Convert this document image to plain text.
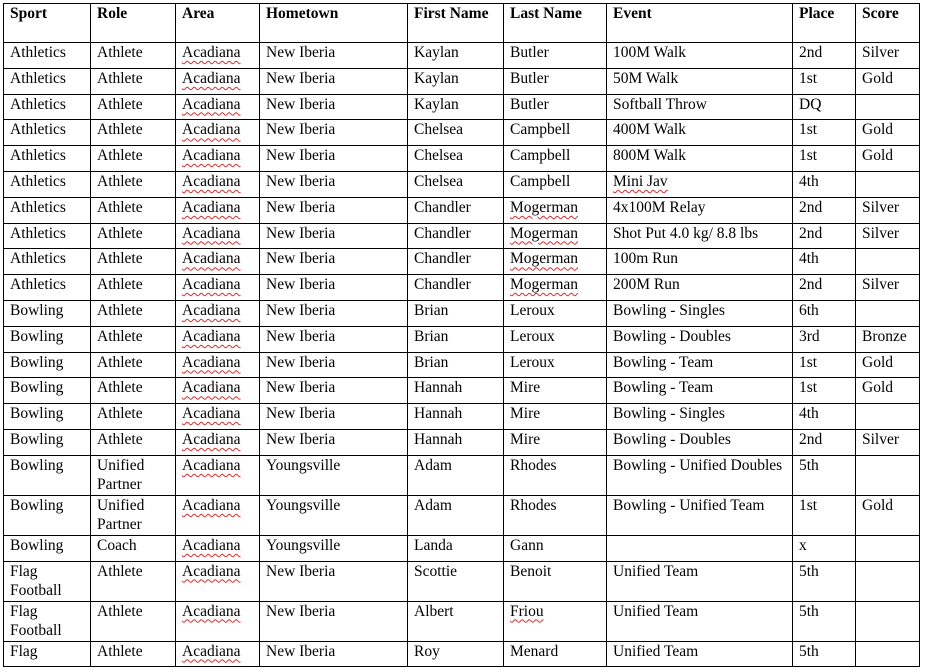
Sport	Role	Area	Hometown	First Name	Last Name	Event	Place	Score
Athletics	Athlete	Acadiana	New Iberia	Kaylan	Butler	100M Walk	2nd	Silver
Athletics	Athlete	Acadiana	New Iberia	Kaylan	Butler	50M Walk	1st	Gold
Athletics	Athlete	Acadiana	New Iberia	Kaylan	Butler	Softball Throw	DQ	
Athletics	Athlete	Acadiana	New Iberia	Chelsea	Campbell	400M Walk	1st	Gold
Athletics	Athlete	Acadiana	New Iberia	Chelsea	Campbell	800M Walk	1st	Gold
Athletics	Athlete	Acadiana	New Iberia	Chelsea	Campbell	Mini Jav	4th	
Athletics	Athlete	Acadiana	New Iberia	Chandler	Mogerman	4x100M Relay	2nd	Silver
Athletics	Athlete	Acadiana	New Iberia	Chandler	Mogerman	Shot Put 4.0 kg/ 8.8 lbs	2nd	Silver
Athletics	Athlete	Acadiana	New Iberia	Chandler	Mogerman	100m Run	4th	
Athletics	Athlete	Acadiana	New Iberia	Chandler	Mogerman	200M Run	2nd	Silver
Bowling	Athlete	Acadiana	New Iberia	Brian	Leroux	Bowling - Singles	6th	
Bowling	Athlete	Acadiana	New Iberia	Brian	Leroux	Bowling - Doubles	3rd	Bronze
Bowling	Athlete	Acadiana	New Iberia	Brian	Leroux	Bowling - Team	1st	Gold
Bowling	Athlete	Acadiana	New Iberia	Hannah	Mire	Bowling - Team	1st	Gold
Bowling	Athlete	Acadiana	New Iberia	Hannah	Mire	Bowling - Singles	4th	
Bowling	Athlete	Acadiana	New Iberia	Hannah	Mire	Bowling - Doubles	2nd	Silver
Bowling	Unified Partner	Acadiana	Youngsville	Adam	Rhodes	Bowling - Unified Doubles	5th	
Bowling	Unified Partner	Acadiana	Youngsville	Adam	Rhodes	Bowling - Unified Team	1st	Gold
Bowling	Coach	Acadiana	Youngsville	Landa	Gann		x	
Flag Football	Athlete	Acadiana	New Iberia	Scottie	Benoit	Unified Team	5th	
Flag Football	Athlete	Acadiana	New Iberia	Albert	Friou	Unified Team	5th	
Flag	Athlete	Acadiana	New Iberia	Roy	Menard	Unified Team	5th	
